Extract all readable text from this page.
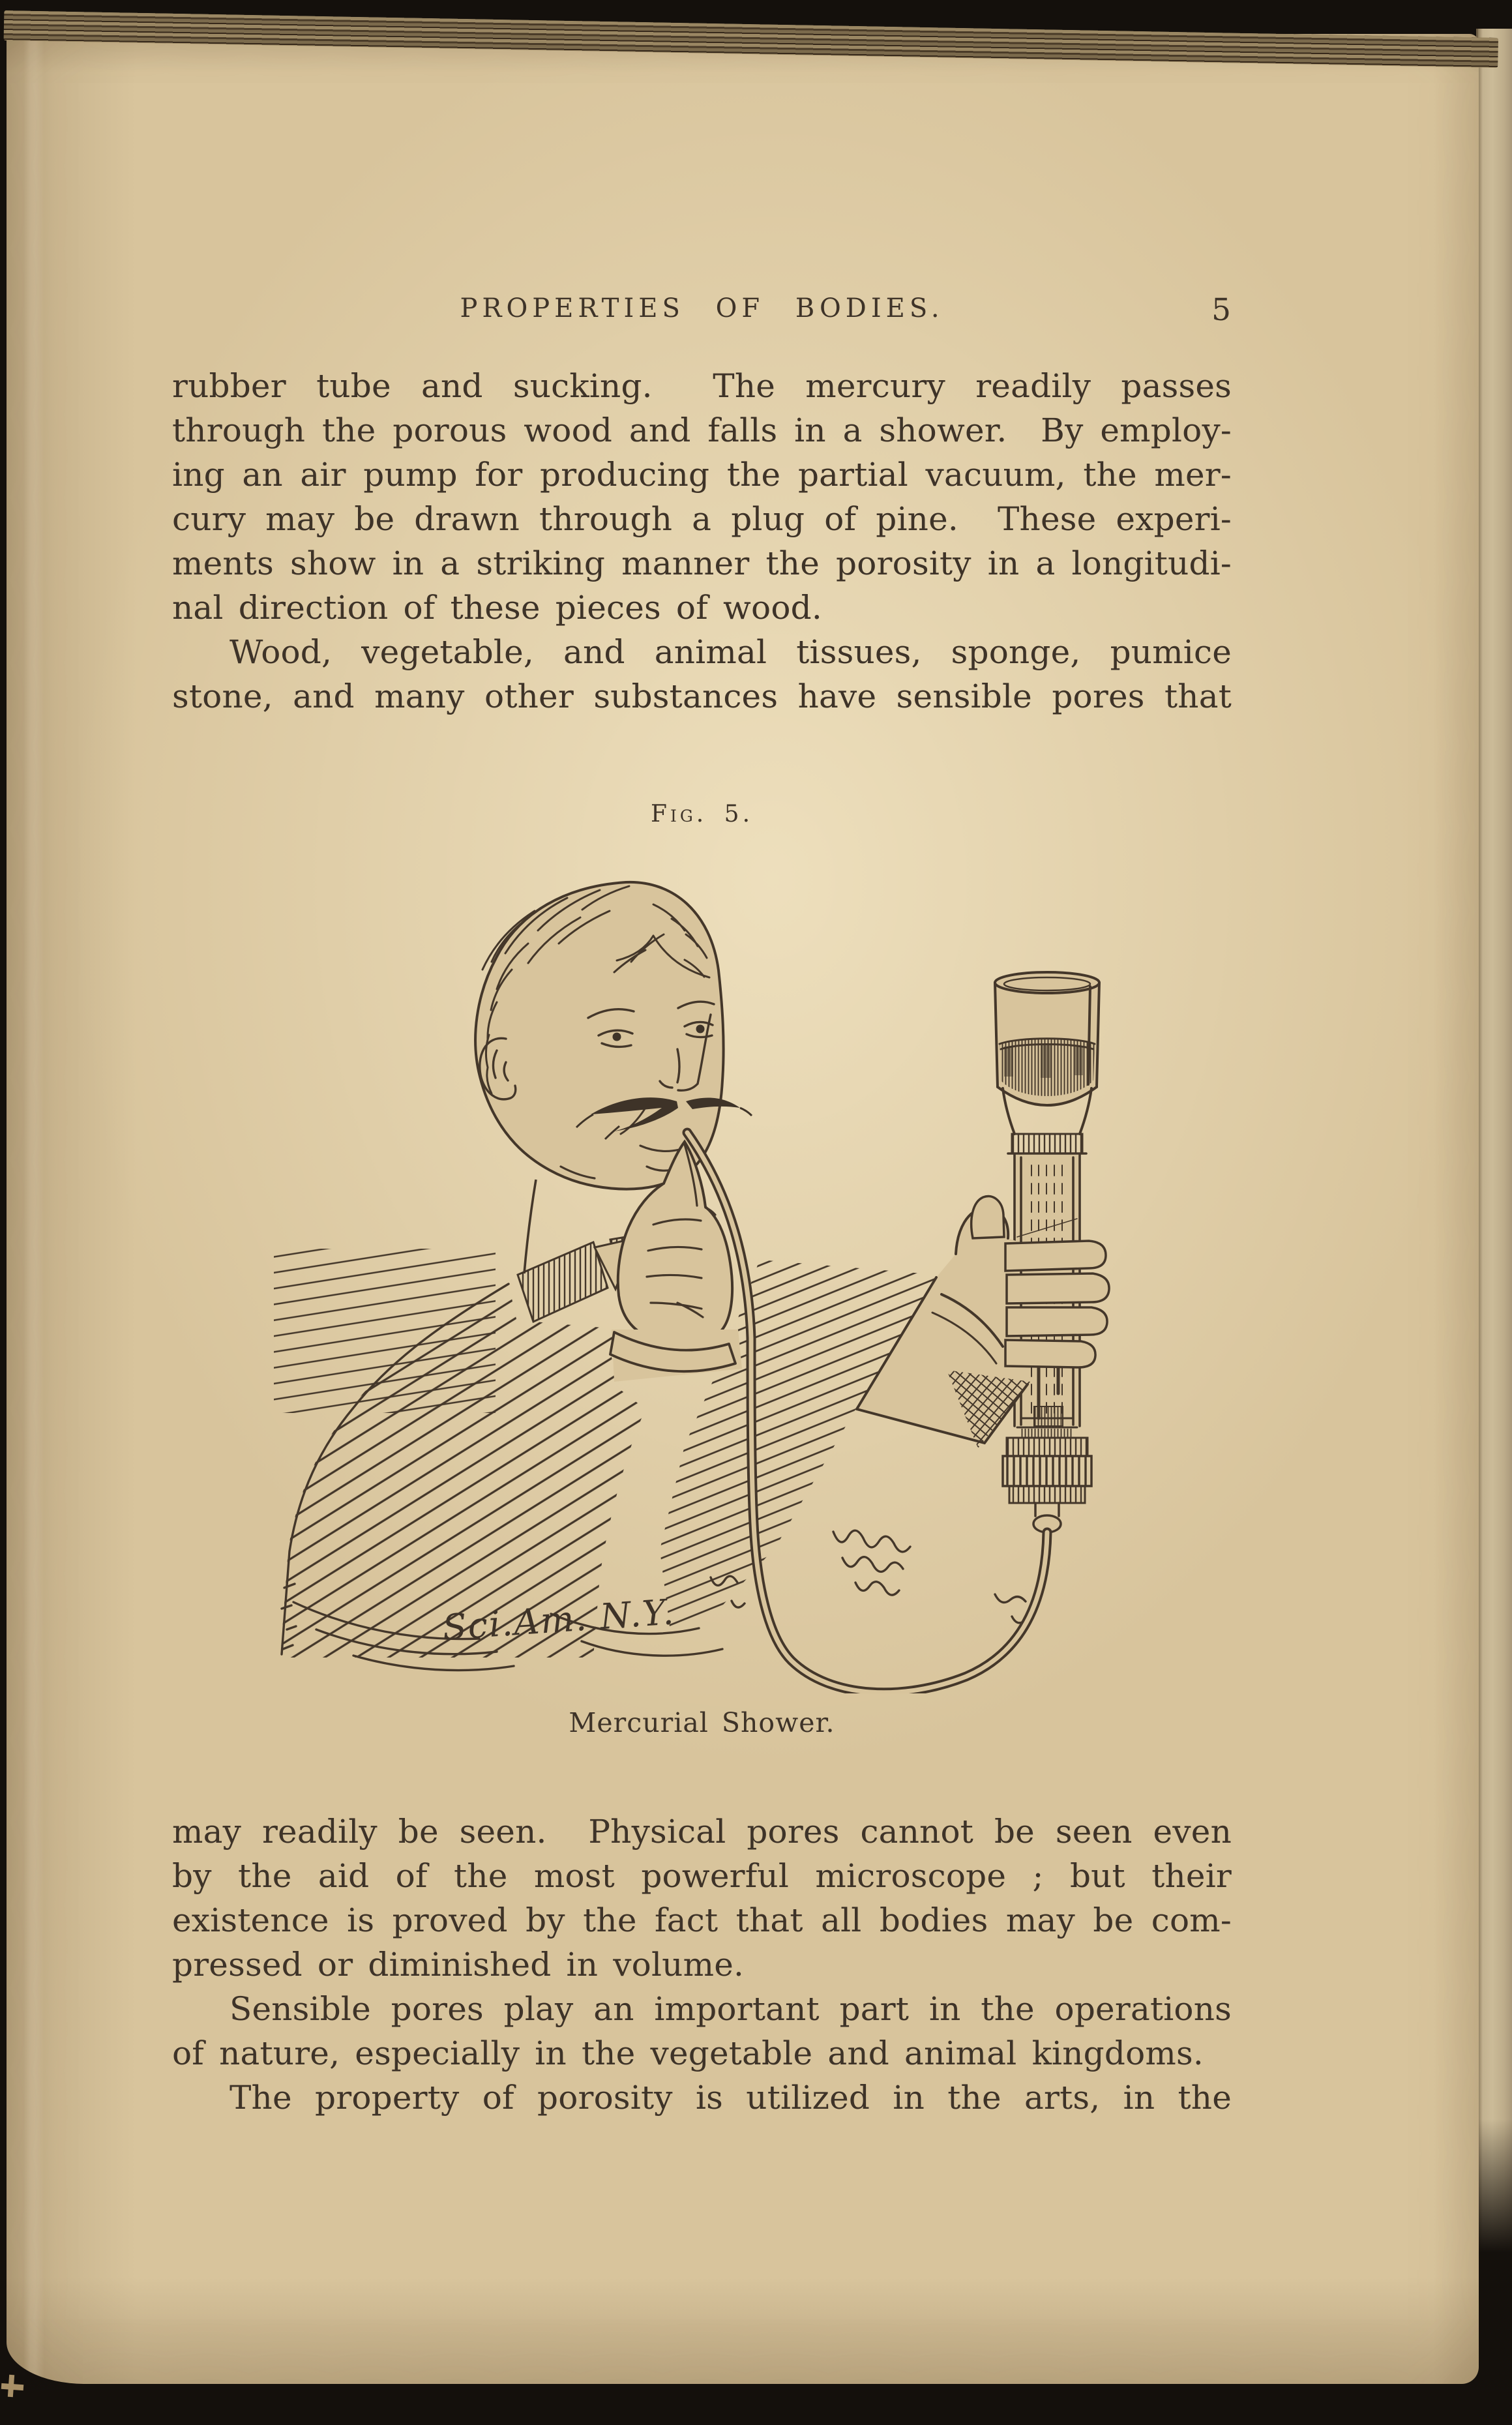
PROPERTIES OF BODIES.	5
rubber tube and sucking.  The mercury readily passes
through the porous wood and falls in a shower.  By employ-
ing an air pump for producing the partial vacuum, the mer-
cury may be drawn through a plug of pine.  These experi-
ments show in a striking manner the porosity in a longitudi-
nal direction of these pieces of wood.
Wood, vegetable, and animal tissues, sponge, pumice
stone, and many other substances have sensible pores that
Fig. 5.
Sci.Am. N.Y.
Mercurial Shower.
may readily be seen.  Physical pores cannot be seen even
by the aid of the most powerful microscope ; but their
existence is proved by the fact that all bodies may be com-
pressed or diminished in volume.
Sensible pores play an important part in the operations
of nature, especially in the vegetable and animal kingdoms.
The property of porosity is utilized in the arts, in the
